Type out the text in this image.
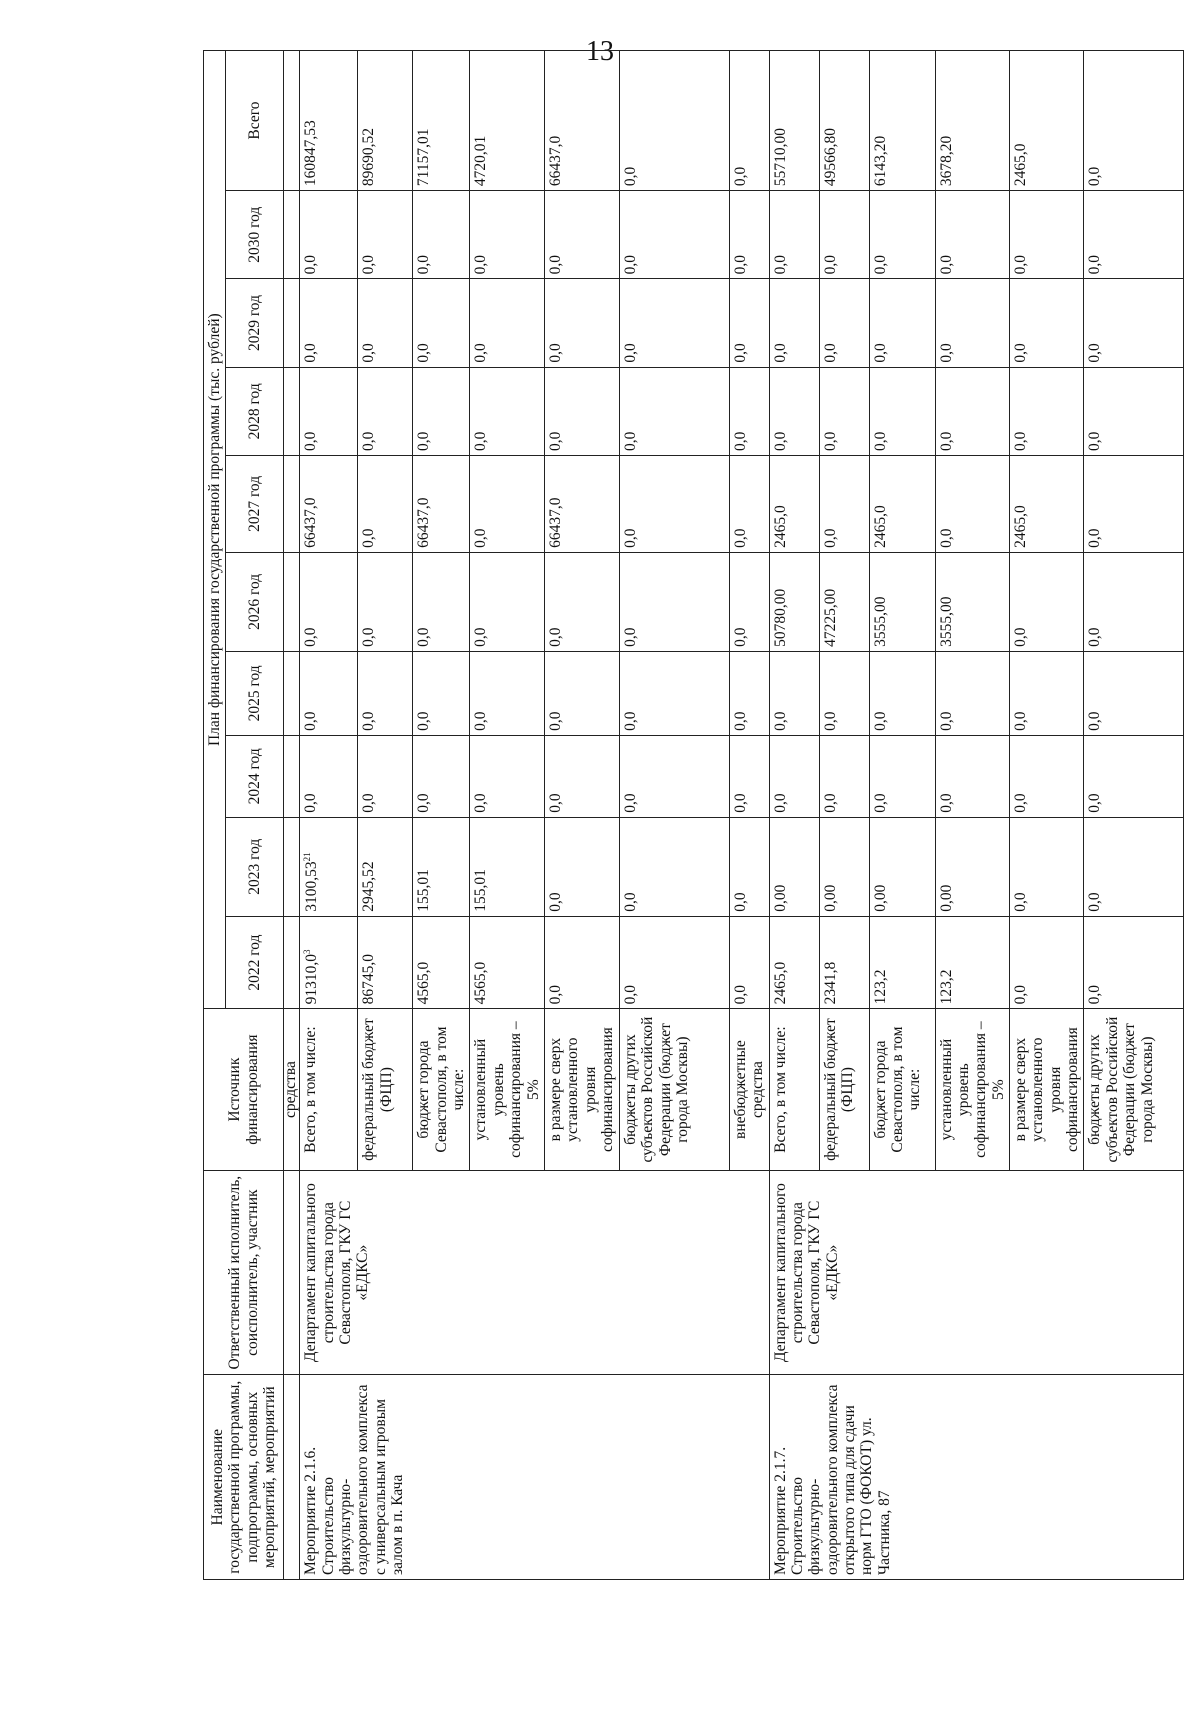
13
Наименование государственной программы, подпрограммы, основных мероприятий, мероприятий	Ответственный исполнитель, соисполнитель, участник	Источник финансирования	План финансирования государственной программы (тыс. рублей)									
			2022 год	2023 год	2024 год	2025 год	2026 год	2027 год	2028 год	2029 год	2030 год	Всего
		средства										
Мероприятие 2.1.6. Строительство физкультурно-оздоровительного комплекса с универсальным игровым залом в п. Кача	Департамент капитального строительства города Севастополя, ГКУ ГС «ЕДКС»	Всего, в том числе:	91310,0$^3$	3100,53$^{21}$	0,0	0,0	0,0	66437,0	0,0	0,0	0,0	160847,53
		федеральный бюджет (ФЦП)	86745,0	2945,52	0,0	0,0	0,0	0,0	0,0	0,0	0,0	89690,52
		бюджет города Севастополя, в том числе:	4565,0	155,01	0,0	0,0	0,0	66437,0	0,0	0,0	0,0	71157,01
		установленный уровень софинансирования – 5%	4565,0	155,01	0,0	0,0	0,0	0,0	0,0	0,0	0,0	4720,01
		в размере сверх установленного уровня софинансирования	0,0	0,0	0,0	0,0	0,0	66437,0	0,0	0,0	0,0	66437,0
		бюджеты других субъектов Российской Федерации (бюджет города Москвы)	0,0	0,0	0,0	0,0	0,0	0,0	0,0	0,0	0,0	0,0
		внебюджетные средства	0,0	0,0	0,0	0,0	0,0	0,0	0,0	0,0	0,0	0,0
Мероприятие 2.1.7. Строительство физкультурно-оздоровительного комплекса открытого типа для сдачи норм ГТО (ФОКОТ) ул. Частника, 87	Департамент капитального строительства города Севастополя, ГКУ ГС «ЕДКС»	Всего, в том числе:	2465,0	0,00	0,0	0,0	50780,00	2465,0	0,0	0,0	0,0	55710,00
		федеральный бюджет (ФЦП)	2341,8	0,00	0,0	0,0	47225,00	0,0	0,0	0,0	0,0	49566,80
		бюджет города Севастополя, в том числе:	123,2	0,00	0,0	0,0	3555,00	2465,0	0,0	0,0	0,0	6143,20
		установленный уровень софинансирования – 5%	123,2	0,00	0,0	0,0	3555,00	0,0	0,0	0,0	0,0	3678,20
		в размере сверх установленного уровня софинансирования	0,0	0,0	0,0	0,0	0,0	2465,0	0,0	0,0	0,0	2465,0
		бюджеты других субъектов Российской Федерации (бюджет города Москвы)	0,0	0,0	0,0	0,0	0,0	0,0	0,0	0,0	0,0	0,0
